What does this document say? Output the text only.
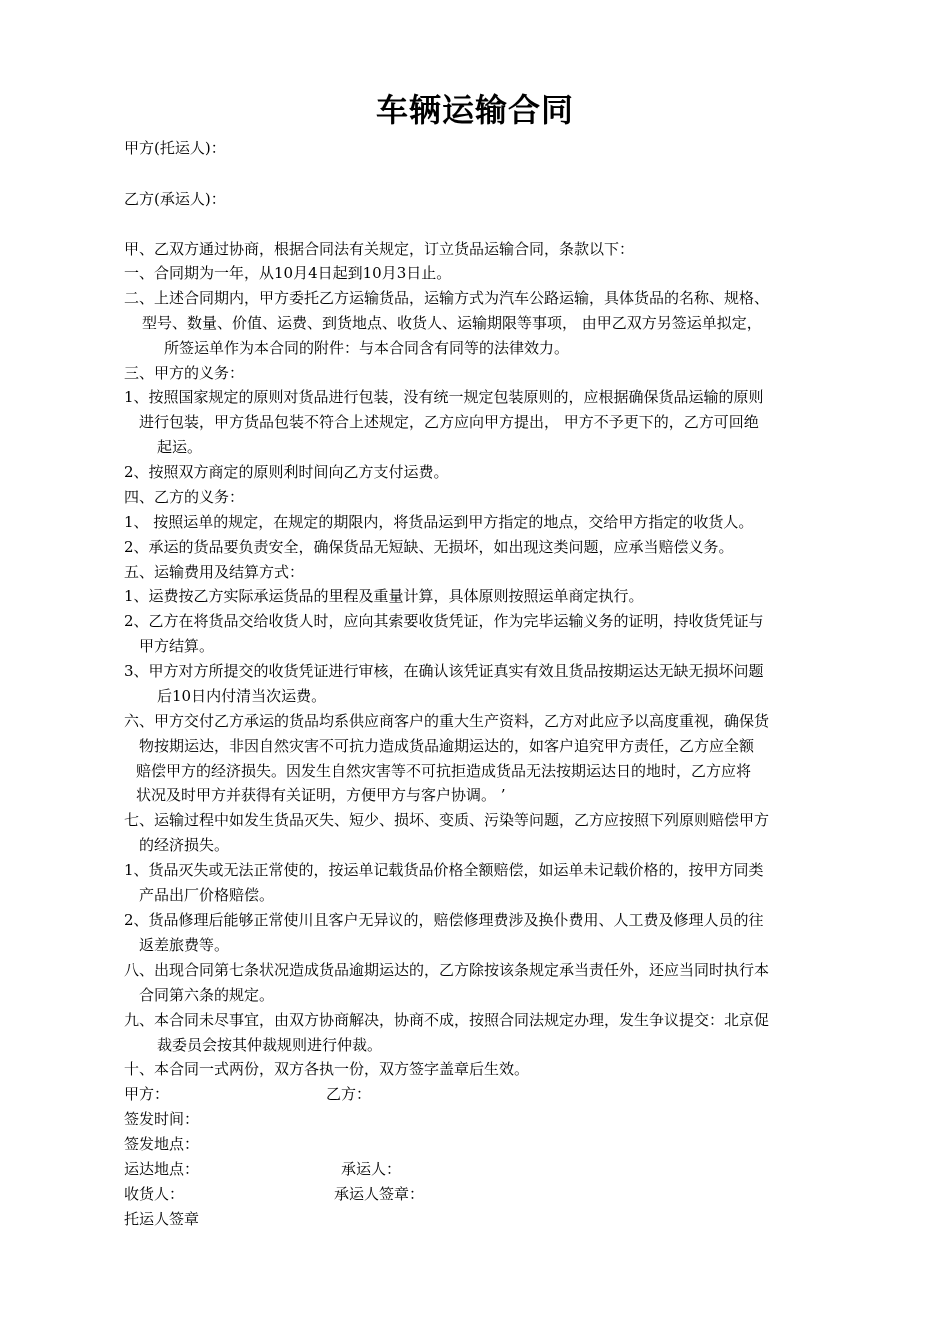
车辆运输合同
甲方(托运人)：
乙方(承运人)：
甲、乙双方通过协商，根据合同法有关规定，订立货品运输合同，条款以下：
一、合同期为一年，从10月4日起到10月3日止。
二、上述合同期内，甲方委托乙方运输货品，运输方式为汽车公路运输，具体货品的名称、规格、
型号、数量、价值、运费、到货地点、收货人、运输期限等事项， 由甲乙双方另签运单拟定，
所签运单作为本合同的附件：与本合同含有同等的法律效力。
三、甲方的义务：
1、按照国家规定的原则对货品进行包装，没有统一规定包装原则的，应根据确保货品运输的原则
进行包装，甲方货品包装不符合上述规定，乙方应向甲方提出， 甲方不予更下的，乙方可回绝
起运。
2、按照双方商定的原则利时间向乙方支付运费。
四、乙方的义务：
1、 按照运单的规定，在规定的期限内，将货品运到甲方指定的地点，交给甲方指定的收货人。
2、承运的货品要负责安全，确保货品无短缺、无损坏，如出现这类问题，应承当赔偿义务。
五、运输费用及结算方式：
1、运费按乙方实际承运货品的里程及重量计算，具体原则按照运单商定执行。
2、乙方在将货品交给收货人时，应向其索要收货凭证，作为完毕运输义务的证明，持收货凭证与
甲方结算。
3、甲方对方所提交的收货凭证进行审核，在确认该凭证真实有效且货品按期运达无缺无损坏问题
后10日内付清当次运费。
六、甲方交付乙方承运的货品均系供应商客户的重大生产资料，乙方对此应予以高度重视，确保货
物按期运达，非因自然灾害不可抗力造成货品逾期运达的，如客户追究甲方责任，乙方应全额
赔偿甲方的经济损失。因发生自然灾害等不可抗拒造成货品无法按期运达日的地时，乙方应将
状况及时甲方并获得有关证明，方便甲方与客户协调。 ’
七、运输过程中如发生货品灭失、短少、损坏、变质、污染等问题，乙方应按照下列原则赔偿甲方
的经济损失。
1、货品灭失或无法正常使的，按运单记载货品价格全额赔偿，如运单未记载价格的，按甲方同类
产品出厂价格赔偿。
2、货品修理后能够正常使川且客户无异议的，赔偿修理费涉及换仆费用、人工费及修理人员的往
返差旅费等。
八、出现合同第七条状况造成货品逾期运达的，乙方除按该条规定承当责任外，还应当同时执行本
合同第六条的规定。
九、本合同未尽事宜，由双方协商解决，协商不成，按照合同法规定办理，发生争议提交：北京促
裁委员会按其仲裁规则进行仲裁。
十、本合同一式两份，双方各执一份，双方签字盖章后生效。
甲方：	乙方：
签发时间：
签发地点：
运达地点：	承运人：
收货人：	承运人签章：
托运人签章
